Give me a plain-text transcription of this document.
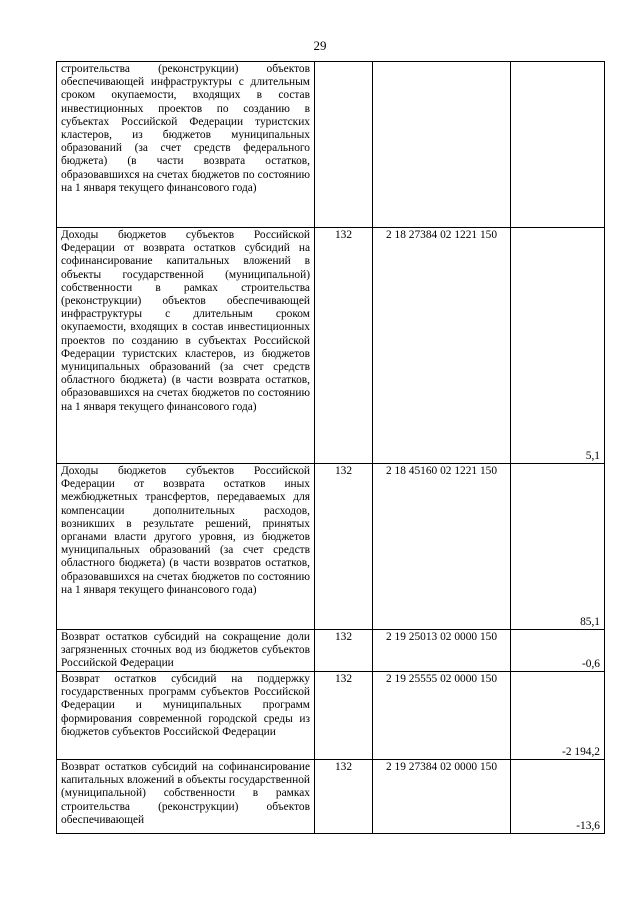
29
строительства (реконструкции) объектов обеспечивающей инфраструктуры с длительным сроком окупаемости, входящих в состав инвестиционных проектов по созданию в субъектах Российской Федерации туристских кластеров, из бюджетов муниципальных образований (за счет средств федерального бюджета) (в части возврата остатков, образовавшихся на счетах бюджетов по состоянию на 1 января текущего финансового года)			
Доходы бюджетов субъектов Российской Федерации от возврата остатков субсидий на софинансирование капитальных вложений в объекты государственной (муниципальной) собственности в рамках строительства (реконструкции) объектов обеспечивающей инфраструктуры с длительным сроком окупаемости, входящих в состав инвестиционных проектов по созданию в субъектах Российской Федерации туристских кластеров, из бюджетов муниципальных образований (за счет средств областного бюджета) (в части возврата остатков, образовавшихся на счетах бюджетов по состоянию на 1 января текущего финансового года)	132	2 18 27384 02 1221 150	5,1
Доходы бюджетов субъектов Российской Федерации от возврата остатков иных межбюджетных трансфертов, передаваемых для компенсации дополнительных расходов, возникших в результате решений, принятых органами власти другого уровня, из бюджетов муниципальных образований (за счет средств областного бюджета) (в части возвратов остатков, образовавшихся на счетах бюджетов по состоянию на 1 января текущего финансового года)	132	2 18 45160 02 1221 150	85,1
Возврат остатков субсидий на сокращение доли загрязненных сточных вод из бюджетов субъектов Российской Федерации	132	2 19 25013 02 0000 150	-0,6
Возврат остатков субсидий на поддержку государственных программ субъектов Российской Федерации и муниципальных программ формирования современной городской среды из бюджетов субъектов Российской Федерации	132	2 19 25555 02 0000 150	-2 194,2
Возврат остатков субсидий на софинансирование капитальных вложений в объекты государственной (муниципальной) собственности в рамках строительства (реконструкции) объектов обеспечивающей	132	2 19 27384 02 0000 150	-13,6
